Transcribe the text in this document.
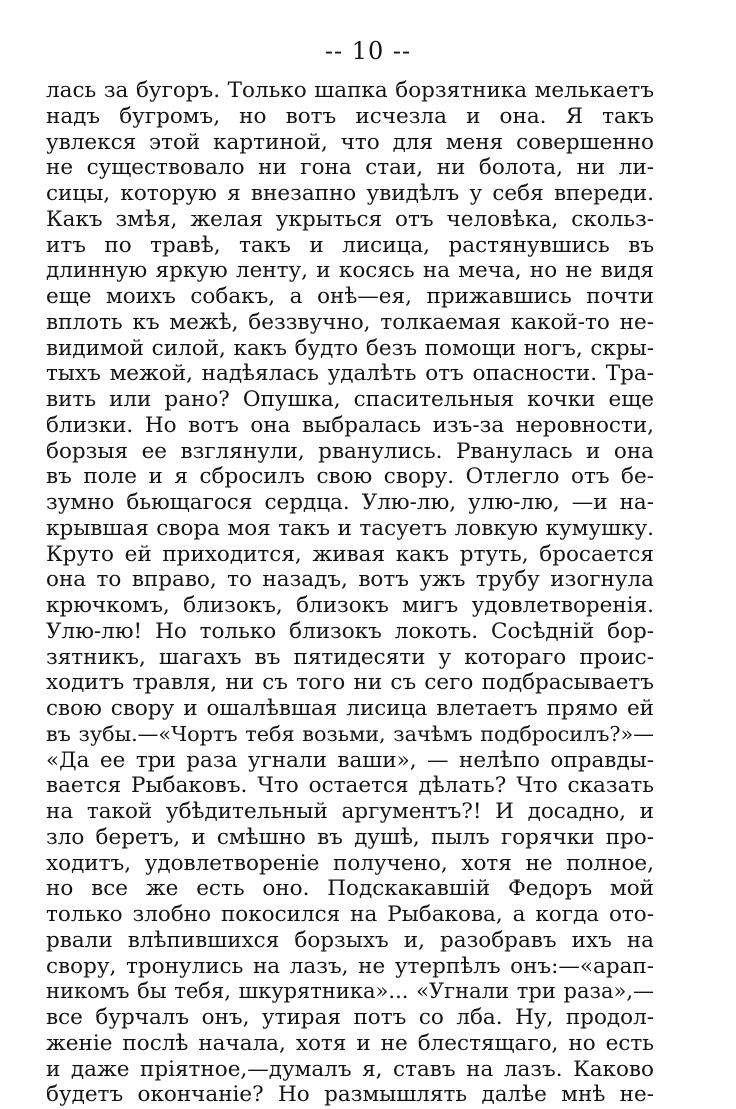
-- 10 --
лась за бугоръ. Только шапка борзятника мелькаетъ
надъ бугромъ, но вотъ исчезла и она. Я такъ
увлекся этой картиной, что для меня совершенно
не существовало ни гона стаи, ни болота, ни ли-
сицы, которую я внезапно увидѣлъ у себя впереди.
Какъ змѣя, желая укрыться отъ человѣка, скольз-
итъ по травѣ, такъ и лисица, растянувшись въ
длинную яркую ленту, и косясь на меча, но не видя
еще моихъ собакъ, а онѣ—ея, прижавшись почти
вплоть къ межѣ, беззвучно, толкаемая какой-то не-
видимой силой, какъ будто безъ помощи ногъ, скры-
тыхъ межой, надѣялась удалѣть отъ опасности. Тра-
вить или рано? Опушка, спасительныя кочки еще
близки. Но вотъ она выбралась изъ-за неровности,
борзыя ее взглянули, рванулись. Рванулась и она
въ поле и я сбросилъ свою свору. Отлегло отъ бе-
зумно бьющагося сердца. Улю-лю, улю-лю, —и на-
крывшая свора моя такъ и тасуетъ ловкую кумушку.
Круто ей приходится, живая какъ ртуть, бросается
она то вправо, то назадъ, вотъ ужъ трубу изогнула
крючкомъ, близокъ, близокъ мигъ удовлетворенія.
Улю-лю! Но только близокъ локоть. Сосѣдній бор-
зятникъ, шагахъ въ пятидесяти у котораго проис-
ходитъ травля, ни съ того ни съ сего подбрасываетъ
свою свору и ошалѣвшая лисица влетаетъ прямо ей
въ зубы.—«Чортъ тебя возьми, зачѣмъ подбросилъ?»—
«Да ее три раза угнали ваши», — нелѣпо оправды-
вается Рыбаковъ. Что остается дѣлать? Что сказать
на такой убѣдительный аргументъ?! И досадно, и
зло беретъ, и смѣшно въ душѣ, пылъ горячки про-
ходитъ, удовлетвореніе получено, хотя не полное,
но все же есть оно. Подскакавшій Федоръ мой
только злобно покосился на Рыбакова, а когда ото-
рвали влѣпившихся борзыхъ и, разобравъ ихъ на
свору, тронулись на лазъ, не утерпѣлъ онъ:—«арап-
никомъ бы тебя, шкурятника»... «Угнали три раза»,—
все бурчалъ онъ, утирая потъ со лба. Ну, продол-
женіе послѣ начала, хотя и не блестящаго, но есть
и даже пріятное,—думалъ я, ставъ на лазъ. Каково
будетъ окончаніе? Но размышлять далѣе мнѣ не-
